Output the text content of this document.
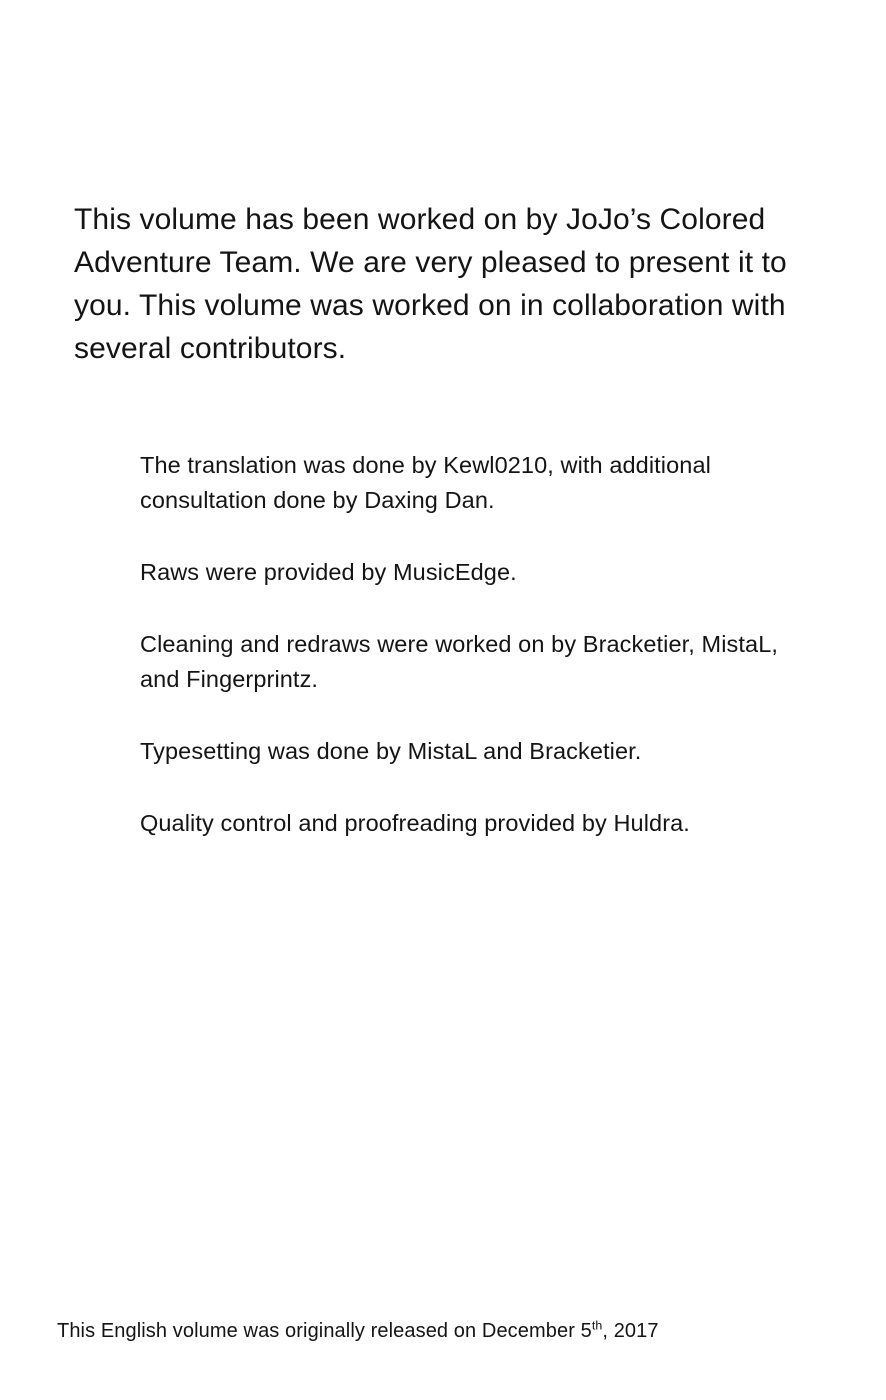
This volume has been worked on by JoJo’s Colored Adventure Team. We are very pleased to present it to you. This volume was worked on in collaboration with several contributors.

The translation was done by Kewl0210, with additional consultation done by Daxing Dan.

Raws were provided by MusicEdge.

Cleaning and redraws were worked on by Bracketier, MistaL, and Fingerprintz.

Typesetting was done by MistaL and Bracketier.

Quality control and proofreading provided by Huldra.

This English volume was originally released on December 5th, 2017
